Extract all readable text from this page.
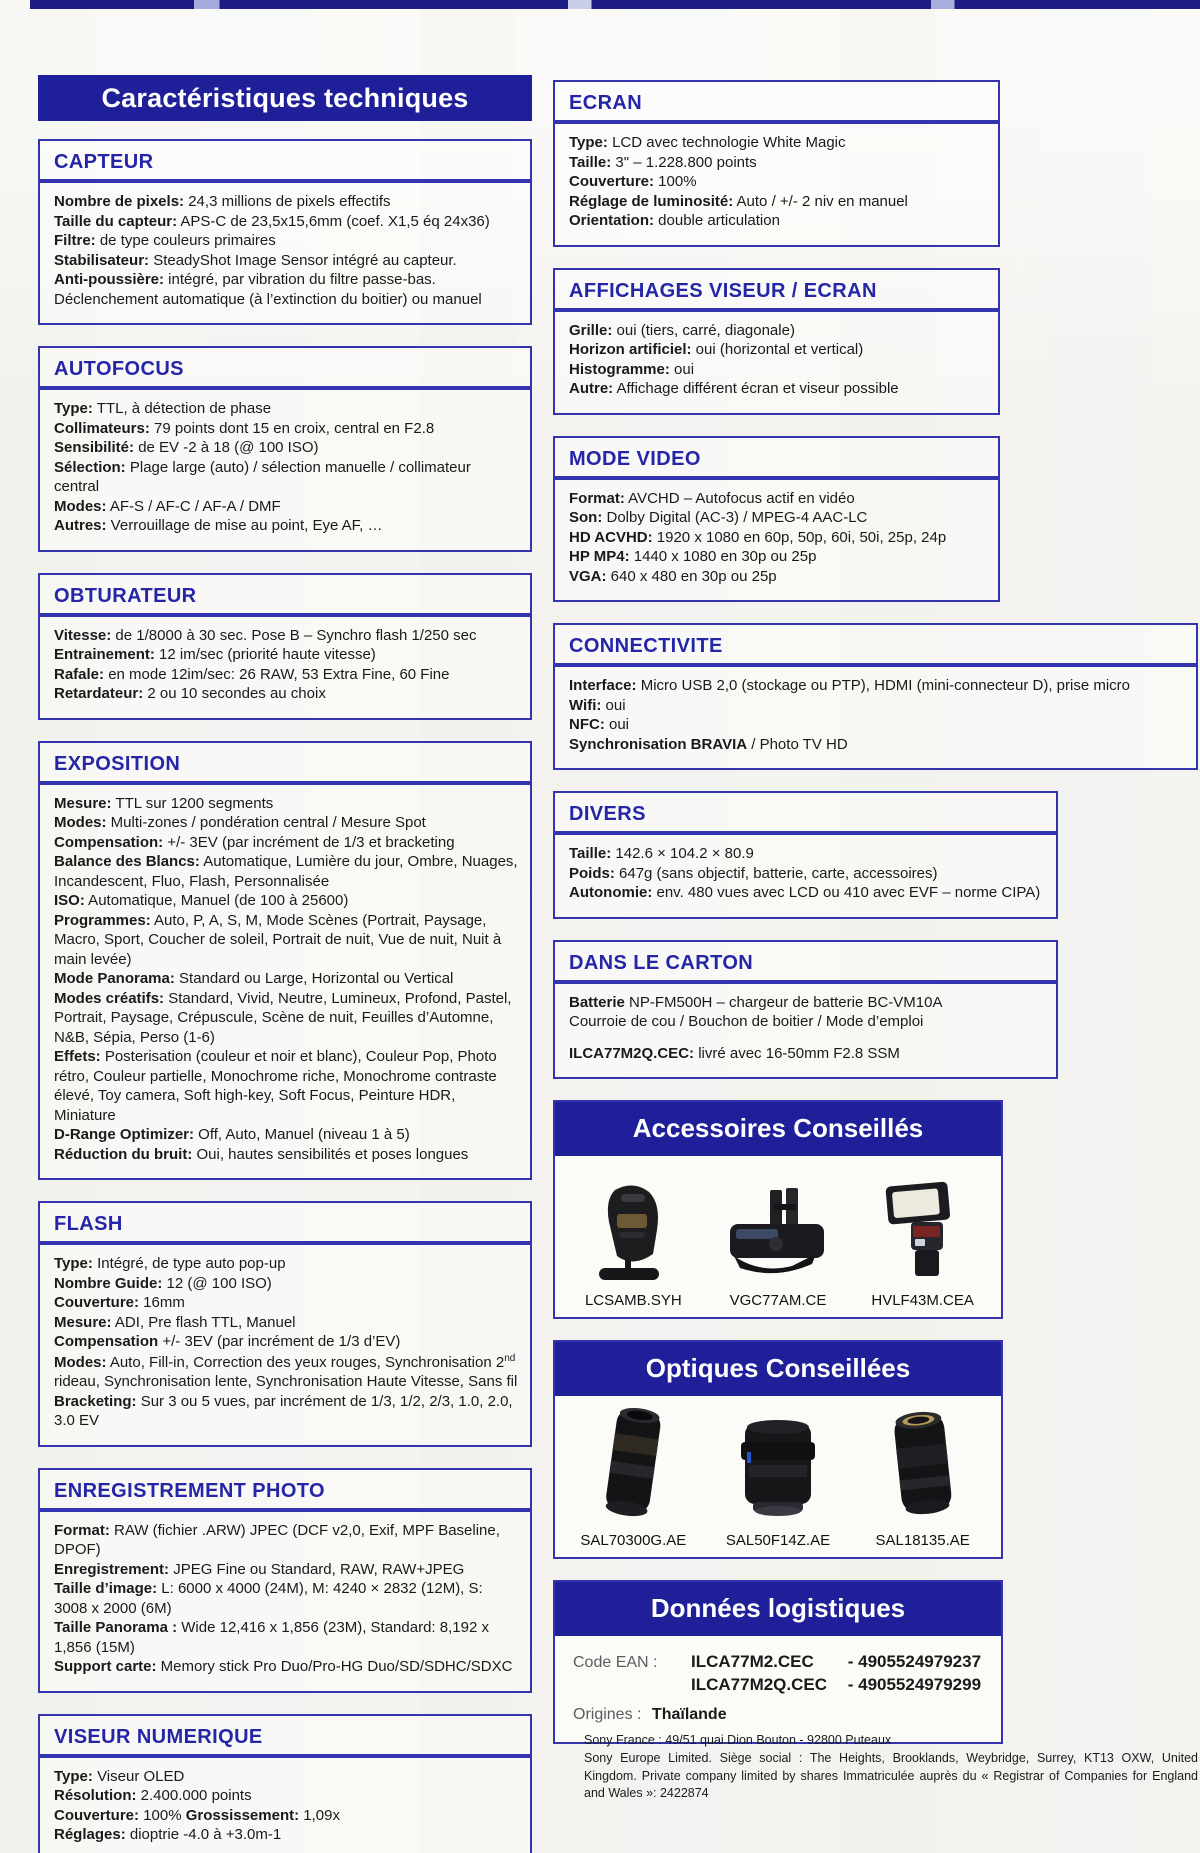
Caractéristiques techniques
CAPTEUR

Nombre de pixels: 24,3 millions de pixels effectifs

Taille du capteur: APS-C de 23,5x15,6mm (coef. X1,5 éq 24x36)

Filtre: de type couleurs primaires

Stabilisateur: SteadyShot Image Sensor intégré au capteur.

Anti-poussière: intégré, par vibration du filtre passe-bas.

Déclenchement automatique (à l’extinction du boitier) ou manuel

AUTOFOCUS

Type: TTL, à détection de phase

Collimateurs: 79 points dont 15 en croix, central en F2.8

Sensibilité: de EV -2 à 18 (@ 100 ISO)

Sélection: Plage large (auto) / sélection manuelle / collimateur central

Modes: AF-S / AF-C / AF-A / DMF

Autres: Verrouillage de mise au point, Eye AF, …

OBTURATEUR

Vitesse: de 1/8000 à 30 sec. Pose B – Synchro flash 1/250 sec

Entrainement: 12 im/sec (priorité haute vitesse)

Rafale: en mode 12im/sec: 26 RAW, 53 Extra Fine, 60 Fine

Retardateur: 2 ou 10 secondes au choix

EXPOSITION

Mesure: TTL sur 1200 segments

Modes: Multi-zones / pondération central / Mesure Spot

Compensation: +/- 3EV (par incrément de 1/3 et bracketing

Balance des Blancs: Automatique, Lumière du jour, Ombre, Nuages, Incandescent, Fluo, Flash, Personnalisée

ISO: Automatique, Manuel (de 100 à 25600)

Programmes: Auto, P, A, S, M, Mode Scènes (Portrait, Paysage, Macro, Sport, Coucher de soleil, Portrait de nuit, Vue de nuit, Nuit à main levée)

Mode Panorama: Standard ou Large, Horizontal ou Vertical

Modes créatifs: Standard, Vivid, Neutre, Lumineux, Profond, Pastel, Portrait, Paysage, Crépuscule, Scène de nuit, Feuilles d’Automne, N&B, Sépia, Perso (1-6)

Effets: Posterisation (couleur et noir et blanc), Couleur Pop, Photo rétro, Couleur partielle, Monochrome riche, Monochrome contraste élevé, Toy camera, Soft high-key, Soft Focus, Peinture HDR, Miniature

D-Range Optimizer: Off, Auto, Manuel (niveau 1 à 5)

Réduction du bruit: Oui, hautes sensibilités et poses longues

FLASH

Type: Intégré, de type auto pop-up

Nombre Guide: 12 (@ 100 ISO)

Couverture: 16mm

Mesure: ADI, Pre flash TTL, Manuel

Compensation +/- 3EV (par incrément de 1/3 d’EV)

Modes: Auto, Fill-in, Correction des yeux rouges, Synchronisation 2nd rideau, Synchronisation lente, Synchronisation Haute Vitesse, Sans fil

Bracketing: Sur 3 ou 5 vues, par incrément de 1/3, 1/2, 2/3, 1.0, 2.0, 3.0 EV

ENREGISTREMENT PHOTO

Format: RAW (fichier .ARW) JPEC (DCF v2,0, Exif, MPF Baseline, DPOF)

Enregistrement: JPEG Fine ou Standard, RAW, RAW+JPEG

Taille d’image: L: 6000 x 4000 (24M), M: 4240 × 2832 (12M), S: 3008 x 2000 (6M)

Taille Panorama : Wide 12,416 x 1,856 (23M), Standard: 8,192 x 1,856 (15M)

Support carte: Memory stick Pro Duo/Pro-HG Duo/SD/SDHC/SDXC

VISEUR NUMERIQUE

Type: Viseur OLED

Résolution: 2.400.000 points

Couverture: 100% Grossissement: 1,09x

Réglages: dioptrie -4.0 à +3.0m-1

ECRAN

Type: LCD avec technologie White Magic

Taille: 3" – 1.228.800 points

Couverture: 100%

Réglage de luminosité: Auto / +/- 2 niv en manuel

Orientation: double articulation

AFFICHAGES VISEUR / ECRAN

Grille: oui (tiers, carré, diagonale)

Horizon artificiel: oui (horizontal et vertical)

Histogramme: oui

Autre: Affichage différent écran et viseur possible

MODE VIDEO

Format: AVCHD – Autofocus actif en vidéo

Son: Dolby Digital (AC-3) / MPEG-4 AAC-LC

HD ACVHD: 1920 x 1080 en 60p, 50p, 60i, 50i, 25p, 24p

HP MP4: 1440 x 1080 en 30p ou 25p

VGA: 640 x 480 en 30p ou 25p

CONNECTIVITE

Interface: Micro USB 2,0 (stockage ou PTP), HDMI (mini-connecteur D), prise micro

Wifi: oui

NFC: oui

Synchronisation BRAVIA / Photo TV HD

DIVERS

Taille: 142.6 × 104.2 × 80.9

Poids: 647g (sans objectif, batterie, carte, accessoires)

Autonomie: env. 480 vues avec LCD ou 410 avec EVF – norme CIPA)

DANS LE CARTON

Batterie NP-FM500H – chargeur de batterie BC-VM10A

Courroie de cou / Bouchon de boitier / Mode d’emploi

ILCA77M2Q.CEC: livré avec 16-50mm F2.8 SSM

Accessoires Conseillés
LCSAMB.SYH	VGC77AM.CE	HVLF43M.CEA
Optiques Conseillées
SAL70300G.AE	SAL50F14Z.AE	SAL18135.AE
Données logistiques
Code EAN :	ILCA77M2.CEC - 4905524979237
ILCA77M2Q.CEC - 4905524979299
Origines : Thaïlande

Sony France : 49/51 quai Dion Bouton - 92800 Puteaux

Sony Europe Limited. Siège social : The Heights, Brooklands, Weybridge, Surrey, KT13 OXW, United Kingdom. Private company limited by shares Immatriculée auprès du « Registrar of Companies for England and Wales »: 2422874
